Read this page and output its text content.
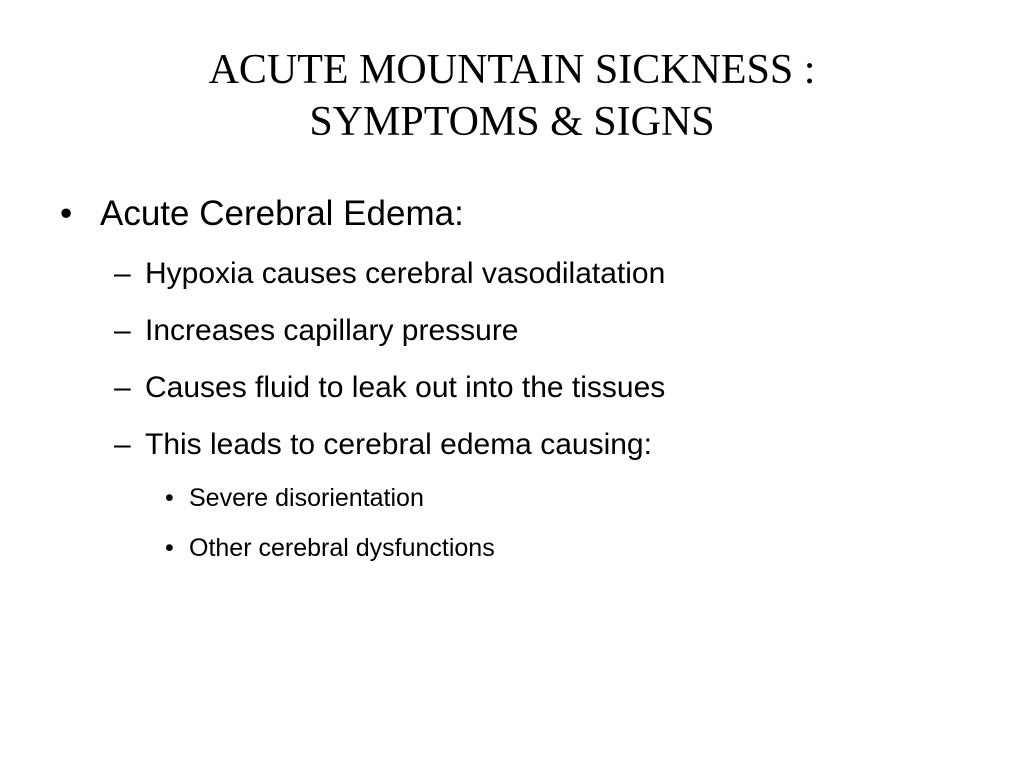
ACUTE MOUNTAIN SICKNESS :
SYMPTOMS & SIGNS
• Acute Cerebral Edema:
– Hypoxia causes cerebral vasodilatation
– Increases capillary pressure
– Causes fluid to leak out into the tissues
– This leads to cerebral edema causing:
• Severe disorientation
• Other cerebral dysfunctions
